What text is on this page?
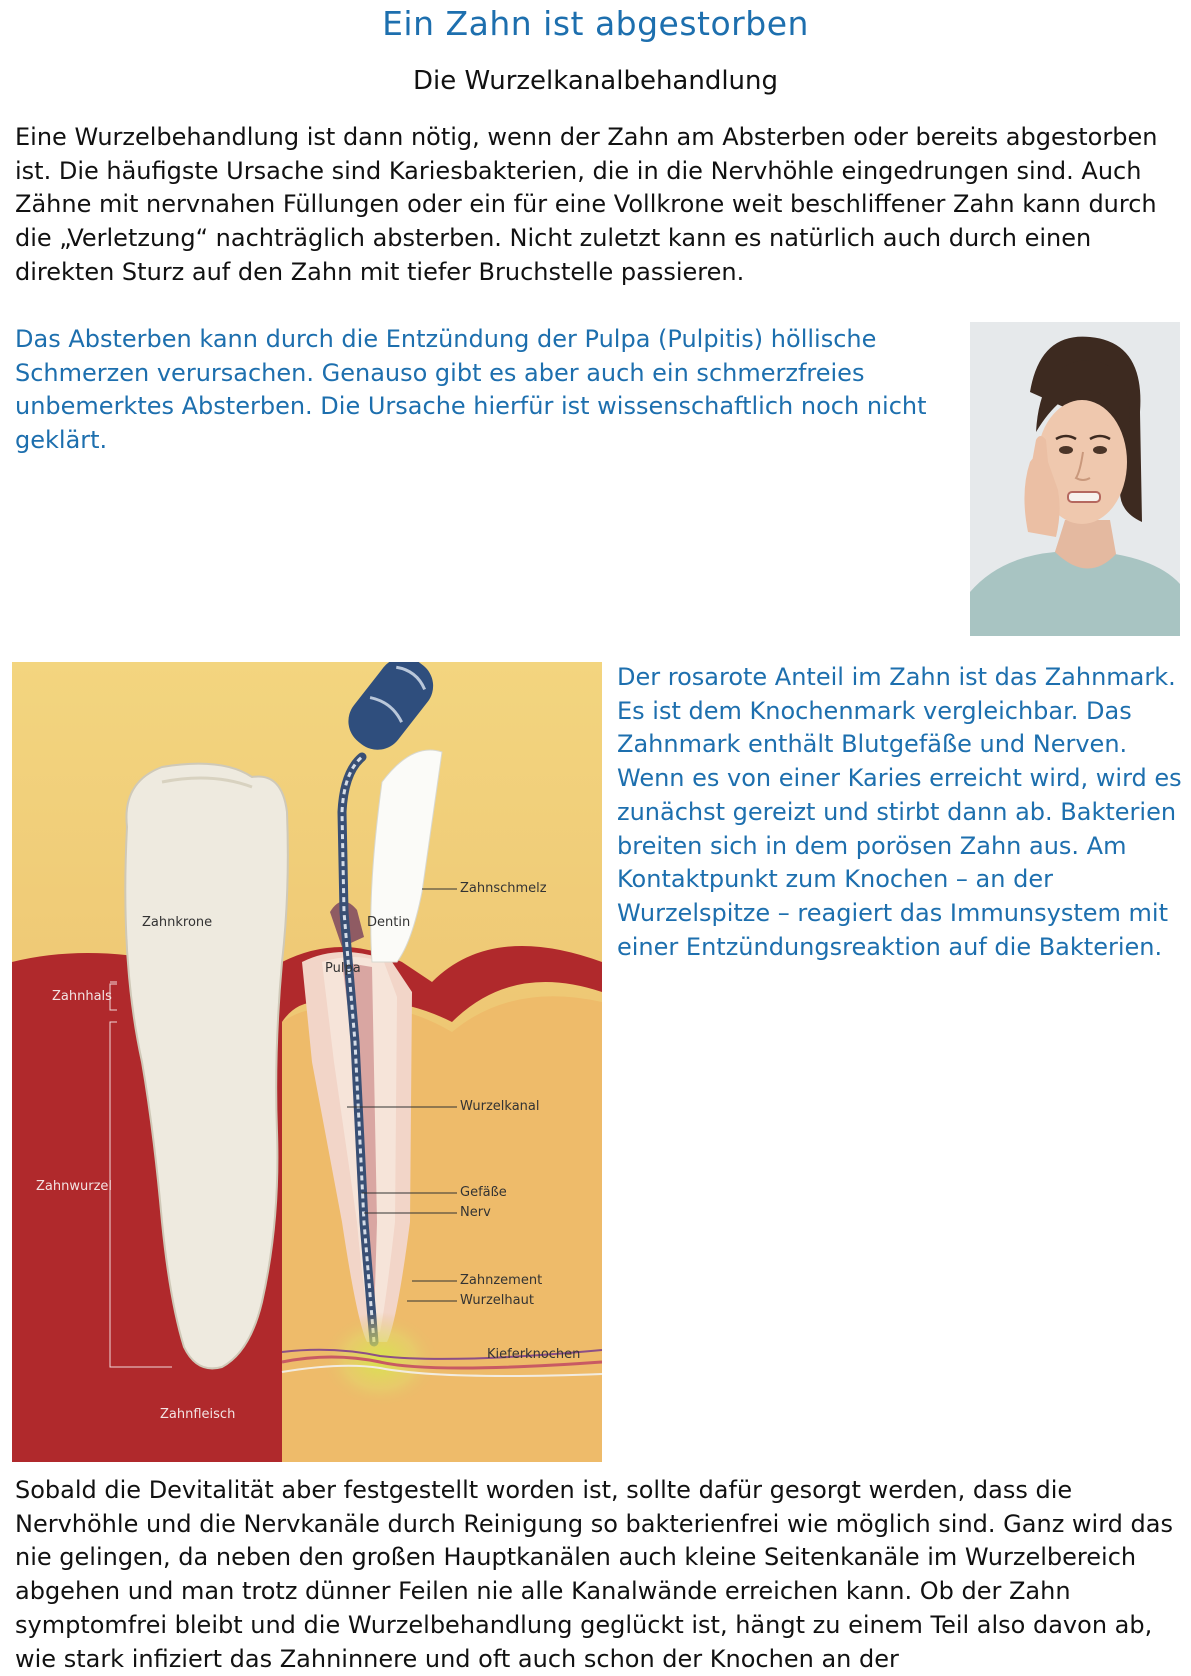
Ein Zahn ist abgestorben
Die Wurzelkanalbehandlung

Eine Wurzelbehandlung ist dann nötig, wenn der Zahn am Absterben oder bereits abgestorben ist. Die häufigste Ursache sind Kariesbakterien, die in die Nervhöhle eingedrungen sind. Auch Zähne mit nervnahen Füllungen oder ein für eine Vollkrone weit beschliffener Zahn kann durch die „Verletzung“ nachträglich absterben. Nicht zuletzt kann es natürlich auch durch einen direkten Sturz auf den Zahn mit tiefer Bruchstelle passieren.

Das Absterben kann durch die Entzündung der Pulpa (Pulpitis) höllische Schmerzen verursachen. Genauso gibt es aber auch ein schmerzfreies unbemerktes Absterben. Die Ursache hierfür ist wissenschaftlich noch nicht geklärt.

Zahnschmelz
Zahnkrone	Dentin
Pulpa
Zahnhals
Wurzelkanal
Zahnwurzel	Gefäße
Nerv
Zahnzement
Wurzelhaut
Kieferknochen
Zahnfleisch

Der rosarote Anteil im Zahn ist das Zahnmark. Es ist dem Knochenmark vergleichbar. Das Zahnmark enthält Blutgefäße und Nerven. Wenn es von einer Karies erreicht wird, wird es zunächst gereizt und stirbt dann ab. Bakterien breiten sich in dem porösen Zahn aus. Am Kontaktpunkt zum Knochen – an der Wurzelspitze – reagiert das Immunsystem mit einer Entzündungsreaktion auf die Bakterien.

Sobald die Devitalität aber festgestellt worden ist, sollte dafür gesorgt werden, dass die Nervhöhle und die Nervkanäle durch Reinigung so bakterienfrei wie möglich sind. Ganz wird das nie gelingen, da neben den großen Hauptkanälen auch kleine Seitenkanäle im Wurzelbereich abgehen und man trotz dünner Feilen nie alle Kanalwände erreichen kann. Ob der Zahn symptomfrei bleibt und die Wurzelbehandlung geglückt ist, hängt zu einem Teil also davon ab, wie stark infiziert das Zahninnere und oft auch schon der Knochen an der
